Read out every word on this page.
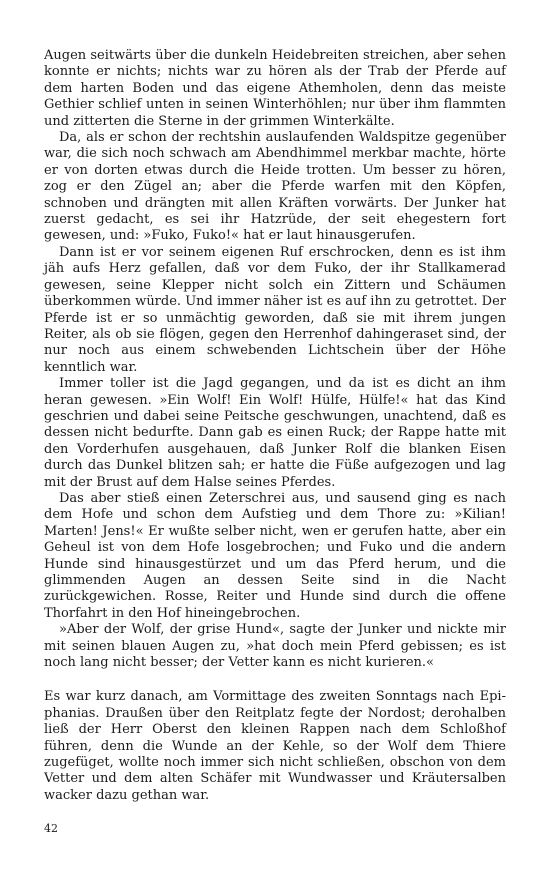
Augen seitwärts über die dunkeln Heidebreiten streichen, aber sehen konnte er nichts; nichts war zu hören als der Trab der Pferde auf dem harten Boden und das eigene Athemholen, denn das meiste Gethier schlief unten in seinen Winterhöhlen; nur über ihm flammten und zitterten die Sterne in der grimmen Winterkälte.

Da, als er schon der rechtshin auslaufenden Waldspitze gegenüber war, die sich noch schwach am Abendhimmel merkbar machte, hörte er von dorten etwas durch die Heide trotten. Um besser zu hören, zog er den Zügel an; aber die Pferde warfen mit den Köpfen, schnoben und drängten mit allen Kräften vorwärts. Der Junker hat zuerst gedacht, es sei ihr Hatzrüde, der seit ehegestern fort gewesen, und: »Fuko, Fuko!« hat er laut hinausgerufen.

Dann ist er vor seinem eigenen Ruf erschrocken, denn es ist ihm jäh aufs Herz gefallen, daß vor dem Fuko, der ihr Stallkamerad gewesen, seine Klepper nicht solch ein Zittern und Schäumen überkommen würde. Und immer näher ist es auf ihn zu getrottet. Der Pferde ist er so unmächtig geworden, daß sie mit ihrem jungen Reiter, als ob sie flögen, gegen den Herrenhof dahingeraset sind, der nur noch aus einem schwebenden Lichtschein über der Höhe kenntlich war.

Immer toller ist die Jagd gegangen, und da ist es dicht an ihm heran gewesen. »Ein Wolf! Ein Wolf! Hülfe, Hülfe!« hat das Kind geschrien und dabei seine Peitsche geschwungen, unachtend, daß es dessen nicht bedurfte. Dann gab es einen Ruck; der Rappe hatte mit den Vorderhufen ausgehauen, daß Junker Rolf die blanken Eisen durch das Dunkel blitzen sah; er hatte die Füße aufgezogen und lag mit der Brust auf dem Halse seines Pferdes.

Das aber stieß einen Zeterschrei aus, und sausend ging es nach dem Hofe und schon dem Aufstieg und dem Thore zu: »Kilian! Marten! Jens!« Er wußte selber nicht, wen er gerufen hatte, aber ein Geheul ist von dem Hofe losgebrochen; und Fuko und die andern Hunde sind hinausgestürzet und um das Pferd herum, und die glimmenden Augen an dessen Seite sind in die Nacht zurückgewichen. Rosse, Reiter und Hunde sind durch die offene Thorfahrt in den Hof hineingebrochen.

»Aber der Wolf, der grise Hund«, sagte der Junker und nickte mir mit seinen blauen Augen zu, »hat doch mein Pferd gebissen; es ist noch lang nicht besser; der Vetter kann es nicht kurieren.«

Es war kurz danach, am Vormittage des zweiten Sonntags nach Epiphanias. Draußen über den Reitplatz fegte der Nordost; derohalben ließ der Herr Oberst den kleinen Rappen nach dem Schloßhof führen, denn die Wunde an der Kehle, so der Wolf dem Thiere zugefüget, wollte noch immer sich nicht schließen, obschon von dem Vetter und dem alten Schäfer mit Wundwasser und Kräutersalben wacker dazu gethan war.

42
